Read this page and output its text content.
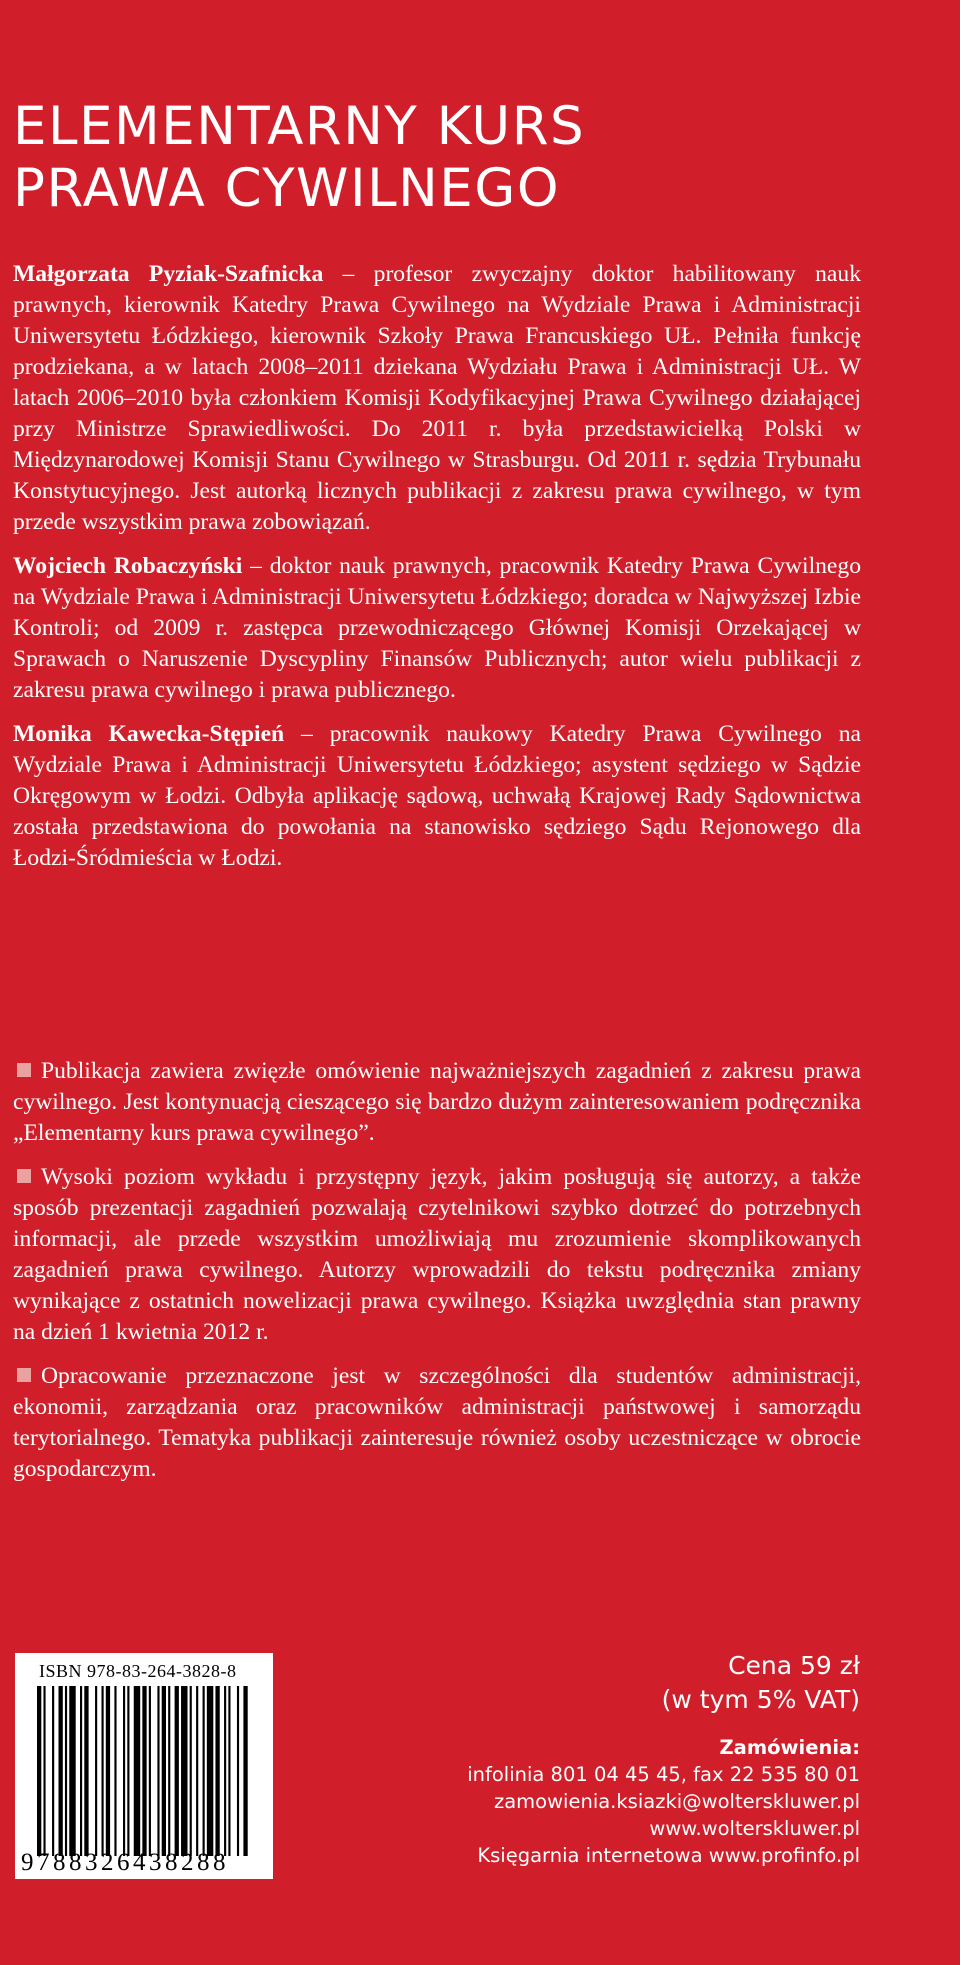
ELEMENTARNY KURS
PRAWA CYWILNEGO

Małgorzata Pyziak-Szafnicka – profesor zwyczajny doktor habilitowany nauk prawnych, kierownik Katedry Prawa Cywilnego na Wydziale Prawa i Administracji Uniwersytetu Łódzkiego, kierownik Szkoły Prawa Francuskiego UŁ. Pełniła funkcję prodziekana, a w latach 2008–2011 dziekana Wydziału Prawa i Administracji UŁ. W latach 2006–2010 była członkiem Komisji Kodyfikacyjnej Prawa Cywilnego działającej przy Ministrze Sprawiedliwości. Do 2011 r. była przedstawicielką Polski w Międzynarodowej Komisji Stanu Cywilnego w Strasburgu. Od 2011 r. sędzia Trybunału Konstytucyjnego. Jest autorką licznych publikacji z zakresu prawa cywilnego, w tym przede wszystkim prawa zobowiązań.

Wojciech Robaczyński – doktor nauk prawnych, pracownik Katedry Prawa Cywilnego na Wydziale Prawa i Administracji Uniwersytetu Łódzkiego; doradca w Najwyższej Izbie Kontroli; od 2009 r. zastępca przewodniczącego Głównej Komisji Orzekającej w Sprawach o Naruszenie Dyscypliny Finansów Publicznych; autor wielu publikacji z zakresu prawa cywilnego i prawa publicznego.

Monika Kawecka-Stępień – pracownik naukowy Katedry Prawa Cywilnego na Wydziale Prawa i Administracji Uniwersytetu Łódzkiego; asystent sędziego w Sądzie Okręgowym w Łodzi. Odbyła aplikację sądową, uchwałą Krajowej Rady Sądownictwa została przedstawiona do powołania na stanowisko sędziego Sądu Rejonowego dla Łodzi-Śródmieścia w Łodzi.

Publikacja zawiera zwięzłe omówienie najważniejszych zagadnień z zakresu prawa cywilnego. Jest kontynuacją cieszącego się bardzo dużym zainteresowaniem podręcznika „Elementarny kurs prawa cywilnego”.

Wysoki poziom wykładu i przystępny język, jakim posługują się autorzy, a także sposób prezentacji zagadnień pozwalają czytelnikowi szybko dotrzeć do potrzebnych informacji, ale przede wszystkim umożliwiają mu zrozumienie skomplikowanych zagadnień prawa cywilnego. Autorzy wprowadzili do tekstu podręcznika zmiany wynikające z ostatnich nowelizacji prawa cywilnego. Książka uwzględnia stan prawny na dzień 1 kwietnia 2012 r.

Opracowanie przeznaczone jest w szczególności dla studentów administracji, ekonomii, zarządzania oraz pracowników administracji państwowej i samorządu terytorialnego. Tematyka publikacji zainteresuje również osoby uczestniczące w obrocie gospodarczym.

ISBN 978-83-264-3828-8
9788326438288
Cena 59 zł
(w tym 5% VAT)
Zamówienia:
infolinia 801 04 45 45, fax 22 535 80 01
zamowienia.ksiazki@wolterskluwer.pl
www.wolterskluwer.pl
Księgarnia internetowa www.profinfo.pl
